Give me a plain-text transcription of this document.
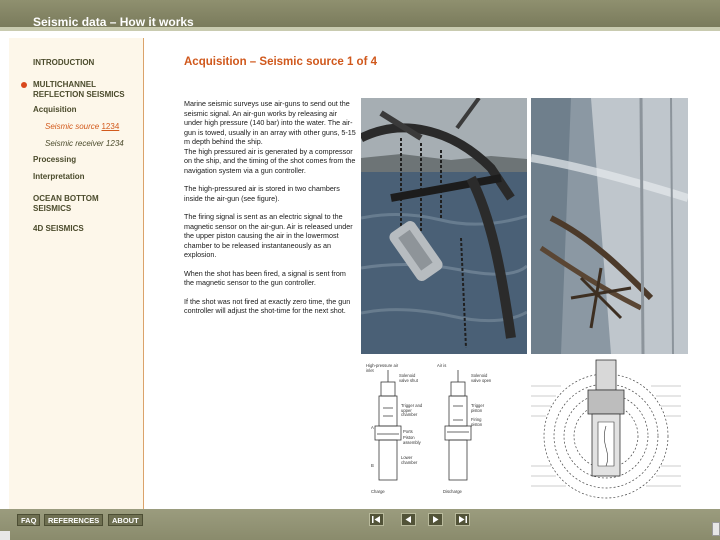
Seismic data – How it works
INTRODUCTION
MULTICHANNEL REFLECTION SEISMICS
Acquisition
Seismic source 1234
Seismic receiver 1234
Processing
Interpretation
OCEAN BOTTOM SEISMICS
4D SEISMICS
Acquisition – Seismic source 1 of 4

Marine seismic surveys use air-guns to send out the seismic signal. An air-gun works by releasing air under high pressure (140 bar) into the water. The air-gun is towed, usually in an array with other guns, 5-15 m depth behind the ship.

The high pressured air is generated by a compressor on the ship, and the timing of the shot comes from the navigation system via a gun controller.

The high-pressured air is stored in two chambers inside the air-gun (see figure).

The firing signal is sent as an electric signal to the magnetic sensor on the air-gun. Air is released under the upper piston causing the air in the lowermost chamber to be released instantaneously as an explosion.

When the shot has been fired, a signal is sent from the magnetic sensor to the gun controller.

If the shot was not fired at exactly zero time, the gun controller will adjust the shot-time for the next shot.

High-pressure air inlet
Air is
Solenoid valve shut
Solenoid valve open
Trigger and upper chamber
Trigger piston
Firing piston
Ports
Piston assembly
Lower chamber
Charge	Discharge
A
B
FAQ	REFERENCES	ABOUT
